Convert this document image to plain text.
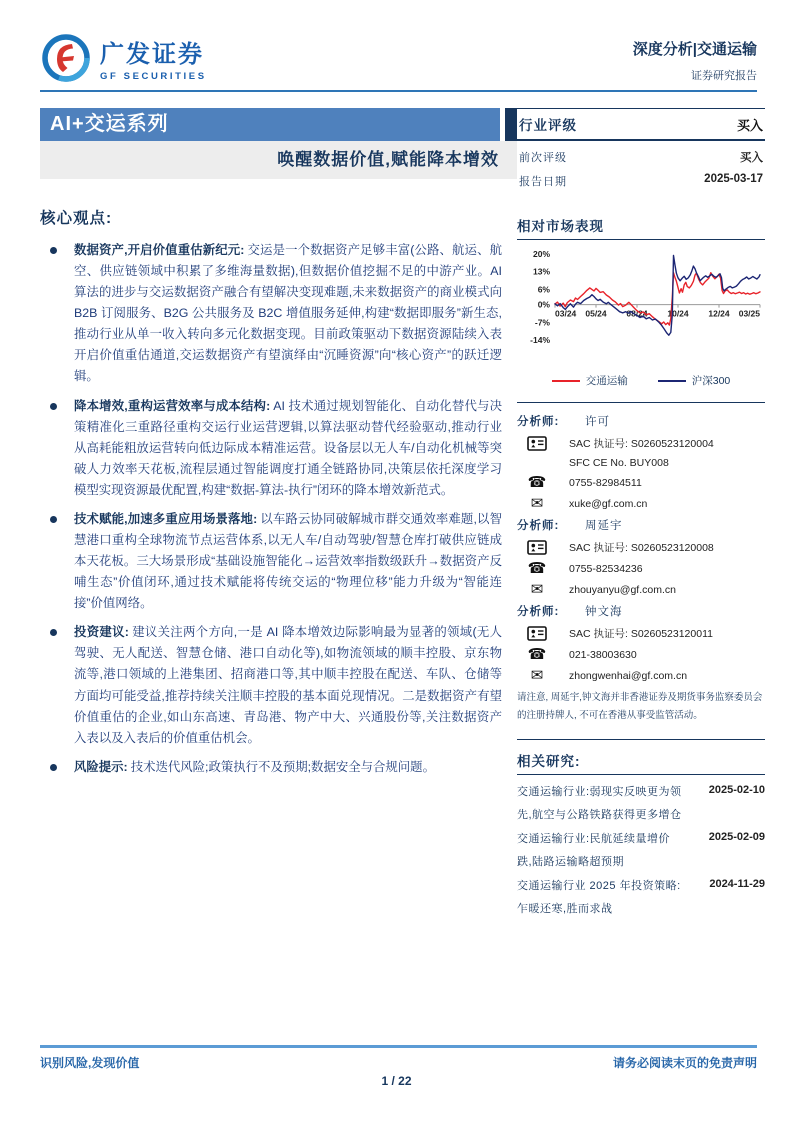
广发证券
GF SECURITIES
深度分析|交通运输
证券研究报告
AI+交运系列
唤醒数据价值,赋能降本增效
核心观点:
数据资产,开启价值重估新纪元: 交运是一个数据资产足够丰富(公路、航运、航空、供应链领域中积累了多维海量数据),但数据价值挖掘不足的中游产业。AI 算法的进步与交运数据资产融合有望解决变现难题,未来数据资产的商业模式向 B2B 订阅服务、B2G 公共服务及 B2C 增值服务延伸,构建“数据即服务”新生态,推动行业从单一收入转向多元化数据变现。目前政策驱动下数据资源陆续入表开启价值重估通道,交运数据资产有望演绎由“沉睡资源”向“核心资产”的跃迁逻辑。
降本增效,重构运营效率与成本结构: AI 技术通过规划智能化、自动化替代与决策精准化三重路径重构交运行业运营逻辑,以算法驱动替代经验驱动,推动行业从高耗能粗放运营转向低边际成本精准运营。设备层以无人车/自动化机械等突破人力效率天花板,流程层通过智能调度打通全链路协同,决策层依托深度学习模型实现资源最优配置,构建“数据-算法-执行”闭环的降本增效新范式。
技术赋能,加速多重应用场景落地: 以车路云协同破解城市群交通效率难题,以智慧港口重构全球物流节点运营体系,以无人车/自动驾驶/智慧仓库打破供应链成本天花板。三大场景形成“基础设施智能化→运营效率指数级跃升→数据资产反哺生态”价值闭环,通过技术赋能将传统交运的“物理位移”能力升级为“智能连接”价值网络。
投资建议: 建议关注两个方向,一是 AI 降本增效边际影响最为显著的领域(无人驾驶、无人配送、智慧仓储、港口自动化等),如物流领域的顺丰控股、京东物流等,港口领域的上港集团、招商港口等,其中顺丰控股在配送、车队、仓储等方面均可能受益,推荐持续关注顺丰控股的基本面兑现情况。二是数据资产有望价值重估的企业,如山东高速、青岛港、物产中大、兴通股份等,关注数据资产入表以及入表后的价值重估机会。
风险提示: 技术迭代风险;政策执行不及预期;数据安全与合规问题。
行业评级	买入
前次评级	买入
报告日期	2025-03-17
相对市场表现
20%
13%
6%
0%
-7%
-14%
03/24 05/24 08/24 10/24 12/24 03/25
交通运输	沪深300
分析师:	许可
SAC 执证号: S0260523120004
SFC CE No. BUY008
☎	0755-82984511
✉	xuke@gf.com.cn
分析师:	周延宇
SAC 执证号: S0260523120008
☎	0755-82534236
✉	zhouyanyu@gf.com.cn
分析师:	钟文海
SAC 执证号: S0260523120011
☎	021-38003630
✉	zhongwenhai@gf.com.cn
请注意, 周延宇,钟文海并非香港证券及期货事务监察委员会的注册持牌人, 不可在香港从事受监管活动。
相关研究:
交通运输行业:弱现实反映更为领先,航空与公路铁路获得更多增仓
2025-02-10
交通运输行业:民航延续量增价跌,陆路运输略超预期
2025-02-09
交通运输行业 2025 年投资策略:乍暖还寒,胜而求战
2024-11-29
识别风险,发现价值	请务必阅读末页的免责声明
1 / 22
